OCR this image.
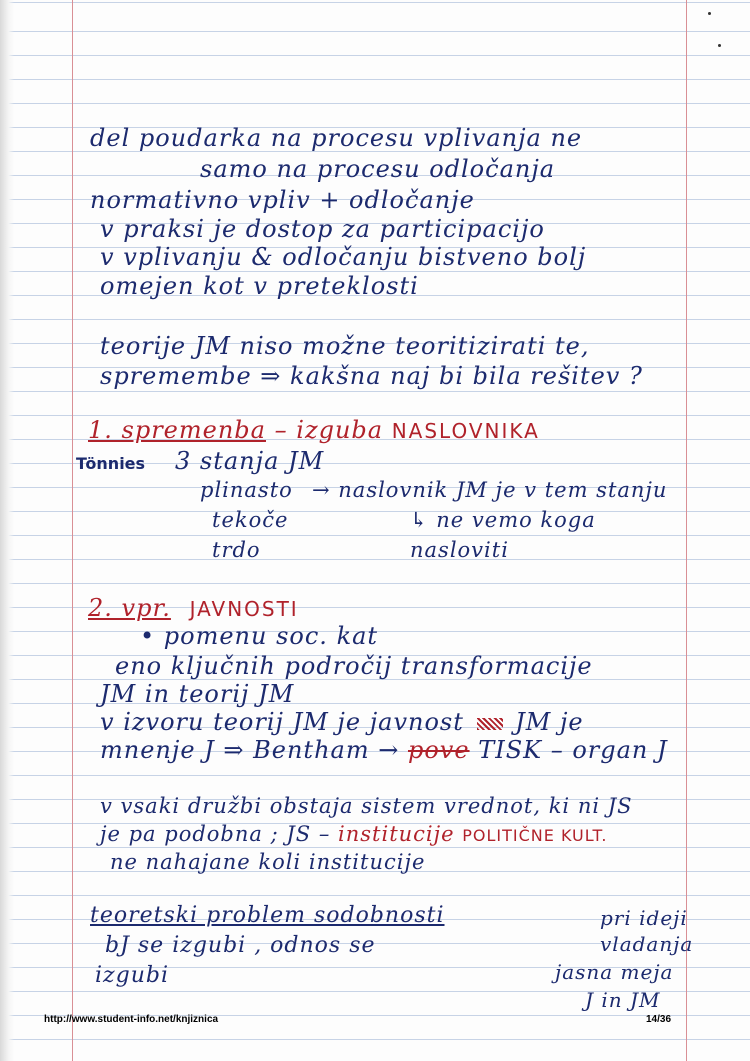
del poudarka na procesu vplivanja ne
samo na procesu odločanja
normativno vpliv + odločanje
v praksi je dostop za participacijo
v vplivanju & odločanju bistveno bolj
omejen kot v preteklosti
teorije JM niso možne teoritizirati te,
spremembe ⇒ kakšna naj bi bila rešitev ?
1. spremenba – izguba NASLOVNIKA
Tönnies 3 stanja JM
plinasto → naslovnik JM je v tem stanju
tekoče	↳ ne vemo koga
trdo	nasloviti
2. vpr. JAVNOSTI
• pomenu soc. kat
eno ključnih področij transformacije
JM in teorij JM
v izvoru teorij JM je javnost JM je
mnenje J ⇒ Bentham → pove TISK – organ J
v vsaki družbi obstaja sistem vrednot, ki ni JS
je pa podobna ; JS – institucije POLITIČNE KULT.
ne nahajane koli institucije
teoretski problem sodobnosti
bJ se izgubi , odnos se
izgubi
pri ideji
vladanja
jasna meja
J in JM
http://www.student-info.net/knjiznica	14/36
